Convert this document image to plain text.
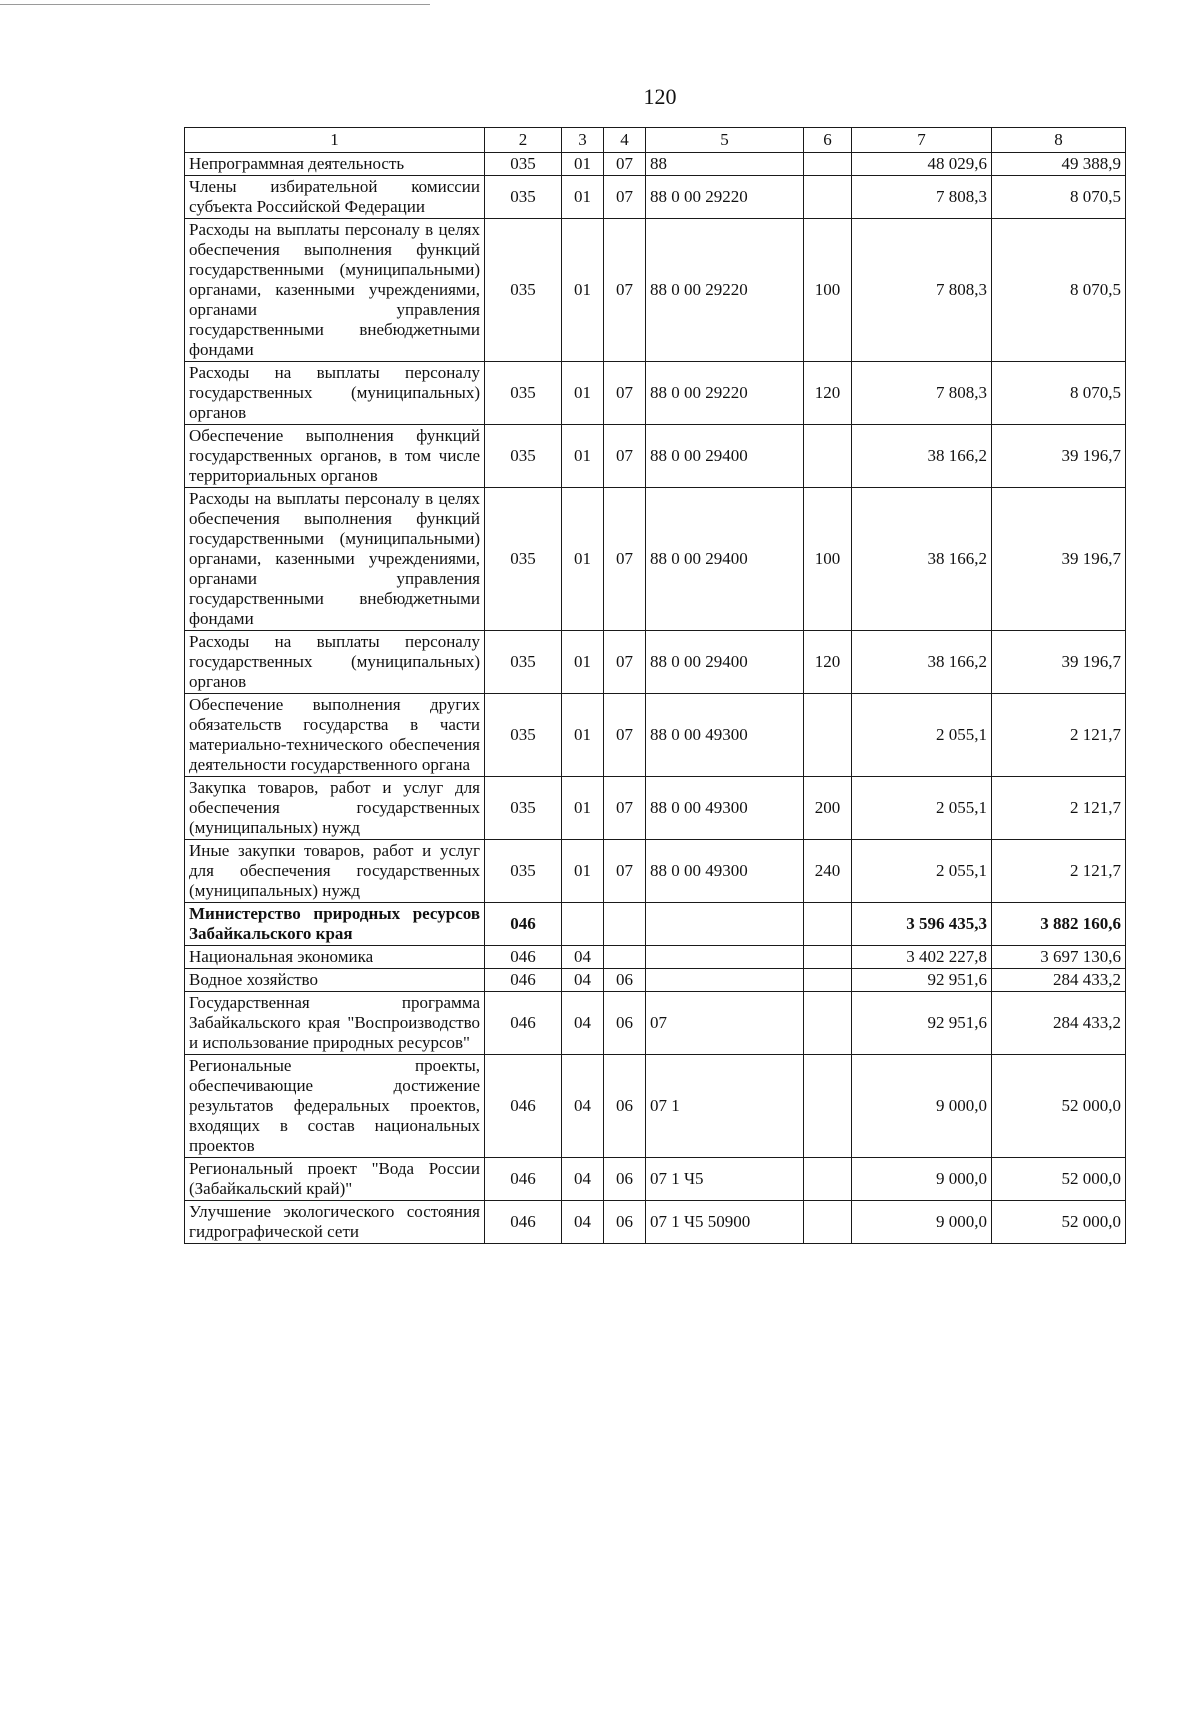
120
1	2	3	4	5	6	7	8
Непрограммная деятельность	035	01	07	88		48 029,6	49 388,9
Члены избирательной комиссии субъекта Российской Федерации	035	01	07	88 0 00 29220		7 808,3	8 070,5
Расходы на выплаты персоналу в целях обеспечения выполнения функций государственными (муниципальными) органами, казенными учреждениями, органами управления государственными внебюджетными фондами	035	01	07	88 0 00 29220	100	7 808,3	8 070,5
Расходы на выплаты персоналу государственных (муниципальных) органов	035	01	07	88 0 00 29220	120	7 808,3	8 070,5
Обеспечение выполнения функций государственных органов, в том числе территориальных органов	035	01	07	88 0 00 29400		38 166,2	39 196,7
Расходы на выплаты персоналу в целях обеспечения выполнения функций государственными (муниципальными) органами, казенными учреждениями, органами управления государственными внебюджетными фондами	035	01	07	88 0 00 29400	100	38 166,2	39 196,7
Расходы на выплаты персоналу государственных (муниципальных) органов	035	01	07	88 0 00 29400	120	38 166,2	39 196,7
Обеспечение выполнения других обязательств государства в части материально-технического обеспечения деятельности государственного органа	035	01	07	88 0 00 49300		2 055,1	2 121,7
Закупка товаров, работ и услуг для обеспечения государственных (муниципальных) нужд	035	01	07	88 0 00 49300	200	2 055,1	2 121,7
Иные закупки товаров, работ и услуг для обеспечения государственных (муниципальных) нужд	035	01	07	88 0 00 49300	240	2 055,1	2 121,7
Министерство природных ресурсов Забайкальского края	046					3 596 435,3	3 882 160,6
Национальная экономика	046	04				3 402 227,8	3 697 130,6
Водное хозяйство	046	04	06			92 951,6	284 433,2
Государственная программа Забайкальского края "Воспроизводство и использование природных ресурсов"	046	04	06	07		92 951,6	284 433,2
Региональные проекты, обеспечивающие достижение результатов федеральных проектов, входящих в состав национальных проектов	046	04	06	07 1		9 000,0	52 000,0
Региональный проект "Вода России (Забайкальский край)"	046	04	06	07 1 Ч5		9 000,0	52 000,0
Улучшение экологического состояния гидрографической сети	046	04	06	07 1 Ч5 50900		9 000,0	52 000,0
